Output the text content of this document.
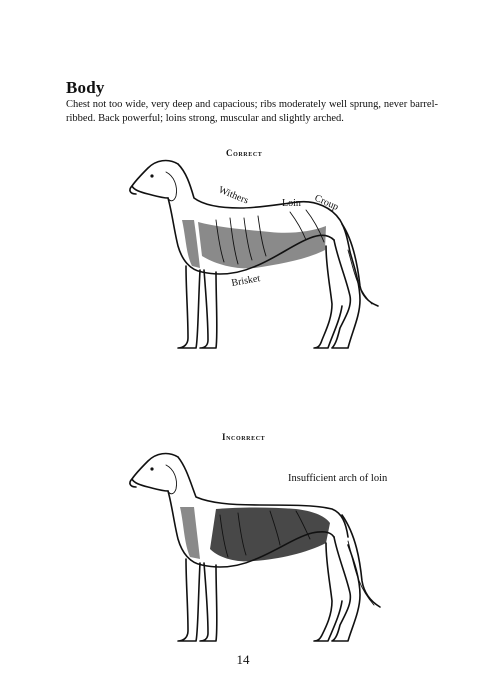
Body
Chest not too wide, very deep and capacious; ribs moderately well sprung, never barrel-ribbed. Back powerful; loins strong, muscular and slightly arched.
Correct
Withers	Loin Croup
Brisket
Incorrect
Insufficient arch of loin
14
